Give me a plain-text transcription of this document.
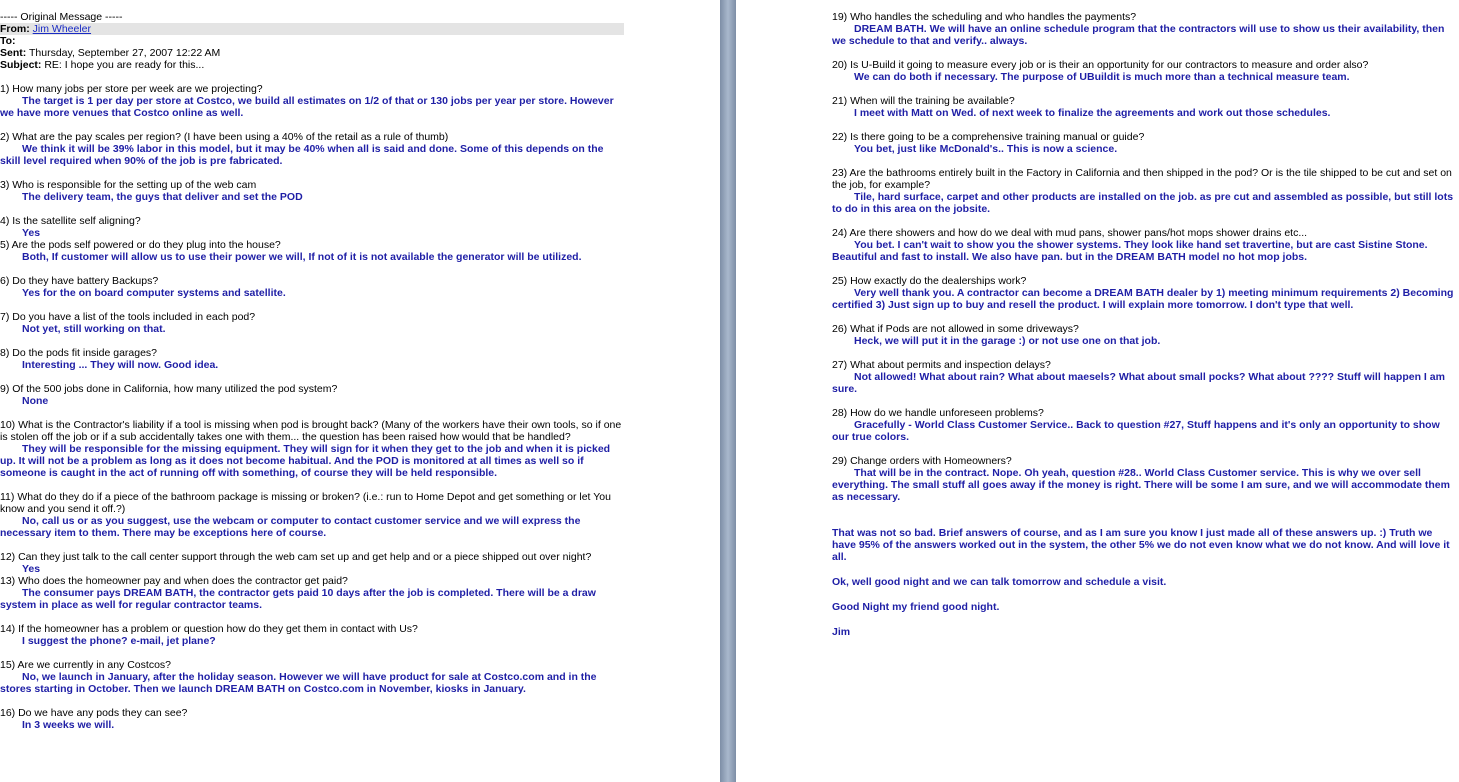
----- Original Message -----
From: Jim Wheeler
To:
Sent: Thursday, September 27, 2007 12:22 AM
Subject: RE: I hope you are ready for this...
1) How many jobs per store per week are we projecting?
The target is 1 per day per store at Costco, we build all estimates on 1/2 of that or 130 jobs per year per store. However we have more venues that Costco online as well.
2) What are the pay scales per region? (I have been using a 40% of the retail as a rule of thumb)
We think it will be 39% labor in this model, but it may be 40% when all is said and done. Some of this depends on the skill level required when 90% of the job is pre fabricated.
3) Who is responsible for the setting up of the web cam
The delivery team, the guys that deliver and set the POD
4) Is the satellite self aligning?
Yes
5) Are the pods self powered or do they plug into the house?
Both, If customer will allow us to use their power we will, If not of it is not available the generator will be utilized.
6) Do they have battery Backups?
Yes for the on board computer systems and satellite.
7) Do you have a list of the tools included in each pod?
Not yet, still working on that.
8) Do the pods fit inside garages?
Interesting ... They will now. Good idea.
9) Of the 500 jobs done in California, how many utilized the pod system?
None
10) What is the Contractor's liability if a tool is missing when pod is brought back? (Many of the workers have their own tools, so if one is stolen off the job or if a sub accidentally takes one with them... the question has been raised how would that be handled?
They will be responsible for the missing equipment. They will sign for it when they get to the job and when it is picked up. It will not be a problem as long as it does not become habitual. And the POD is monitored at all times as well so if someone is caught in the act of running off with something, of course they will be held responsible.
11) What do they do if a piece of the bathroom package is missing or broken? (i.e.: run to Home Depot and get something or let You know and you send it off.?)
No, call us or as you suggest, use the webcam or computer to contact customer service and we will express the necessary item to them. There may be exceptions here of course.
12) Can they just talk to the call center support through the web cam set up and get help and or a piece shipped out over night?
Yes
13) Who does the homeowner pay and when does the contractor get paid?
The consumer pays DREAM BATH, the contractor gets paid 10 days after the job is completed. There will be a draw system in place as well for regular contractor teams.
14) If the homeowner has a problem or question how do they get them in contact with Us?
I suggest the phone? e-mail, jet plane?
15) Are we currently in any Costcos?
No, we launch in January, after the holiday season. However we will have product for sale at Costco.com and in the stores starting in October. Then we launch DREAM BATH on Costco.com in November, kiosks in January.
16) Do we have any pods they can see?
In 3 weeks we will.
19) Who handles the scheduling and who handles the payments?
DREAM BATH. We will have an online schedule program that the contractors will use to show us their availability, then we schedule to that and verify.. always.
20) Is U-Build it going to measure every job or is their an opportunity for our contractors to measure and order also?
We can do both if necessary. The purpose of UBuildit is much more than a technical measure team.
21) When will the training be available?
I meet with Matt on Wed. of next week to finalize the agreements and work out those schedules.
22) Is there going to be a comprehensive training manual or guide?
You bet, just like McDonald's.. This is now a science.
23) Are the bathrooms entirely built in the Factory in California and then shipped in the pod? Or is the tile shipped to be cut and set on the job, for example?
Tile, hard surface, carpet and other products are installed on the job. as pre cut and assembled as possible, but still lots to do in this area on the jobsite.
24) Are there showers and how do we deal with mud pans, shower pans/hot mops shower drains etc...
You bet. I can't wait to show you the shower systems. They look like hand set travertine, but are cast Sistine Stone. Beautiful and fast to install. We also have pan. but in the DREAM BATH model no hot mop jobs.
25) How exactly do the dealerships work?
Very well thank you. A contractor can become a DREAM BATH dealer by 1) meeting minimum requirements 2) Becoming certified 3) Just sign up to buy and resell the product. I will explain more tomorrow. I don't type that well.
26) What if Pods are not allowed in some driveways?
Heck, we will put it in the garage :) or not use one on that job.
27) What about permits and inspection delays?
Not allowed! What about rain? What about maesels? What about small pocks? What about ???? Stuff will happen I am sure.
28) How do we handle unforeseen problems?
Gracefully - World Class Customer Service.. Back to question #27, Stuff happens and it's only an opportunity to show our true colors.
29) Change orders with Homeowners?
That will be in the contract. Nope. Oh yeah, question #28.. World Class Customer service. This is why we over sell everything. The small stuff all goes away if the money is right. There will be some I am sure, and we will accommodate them as necessary.
That was not so bad. Brief answers of course, and as I am sure you know I just made all of these answers up. :) Truth we have 95% of the answers worked out in the system, the other 5% we do not even know what we do not know. And will love it all.
Ok, well good night and we can talk tomorrow and schedule a visit.
Good Night my friend good night.
Jim
